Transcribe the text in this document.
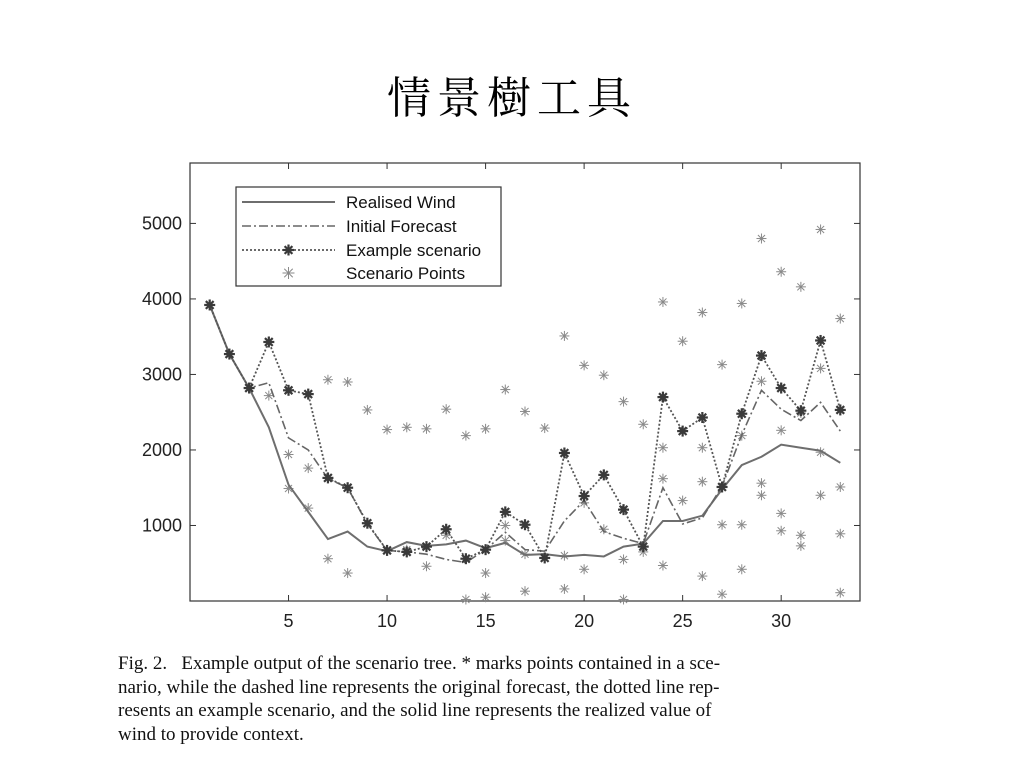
情景樹工具
5	10	15	20	25	30
1000
2000
3000
4000
5000
Realised Wind
Initial Forecast
Example scenario
Scenario Points
Fig. 2.   Example output of the scenario tree. * marks points contained in a sce-
nario, while the dashed line represents the original forecast, the dotted line rep-
resents an example scenario, and the solid line represents the realized value of
wind to provide context.
